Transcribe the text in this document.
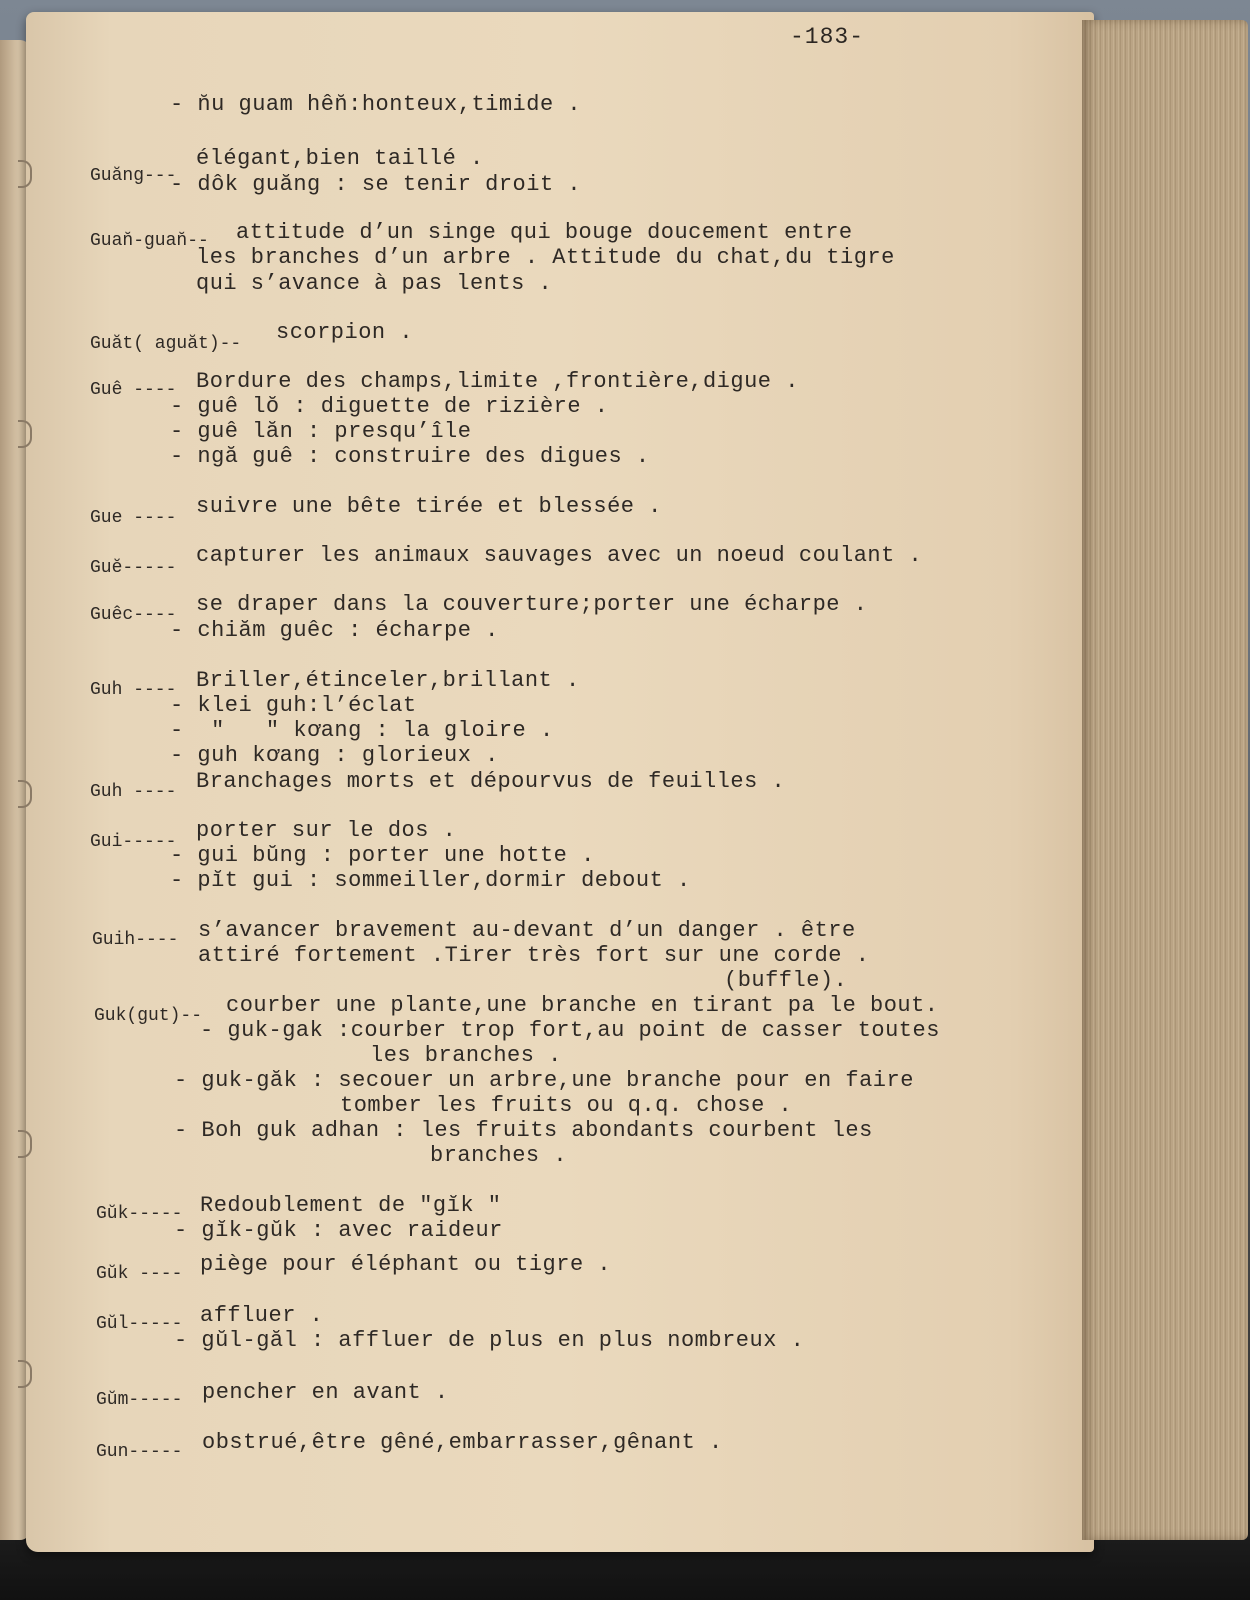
-183-
- n̆u guam hên̆:honteux,timide .
Guăng---
élégant,bien taillé .
- dôk guăng : se tenir droit .
Guan̆-guan̆-- attitude d’un singe qui bouge doucement entre
les branches d’un arbre . Attitude du chat,du tigre
qui s’avance à pas lents .
Guăt( aguăt)-- scorpion .
Guê ---- Bordure des champs,limite ,frontière,digue .
- guê lŏ : diguette de rizière .
- guê lăn : presqu’île
- ngă guê : construire des digues .
Gue ---- suivre une bête tirée et blessée .
Guĕ----- capturer les animaux sauvages avec un noeud coulant .
Guêc---- se draper dans la couverture;porter une écharpe .
- chiăm guêc : écharpe .
Guh ---- Briller,étinceler,brillant .
- klei guh:l’éclat
-  "   " kơang : la gloire .
- guh kơang : glorieux .
Guh ---- Branchages morts et dépourvus de feuilles .
Gui----- porter sur le dos .
- gui bŭng : porter une hotte .
- pĭt gui : sommeiller,dormir debout .
Guih---- s’avancer bravement au-devant d’un danger . être
attiré fortement .Tirer très fort sur une corde .
(buffle).
Guk(gut)-- courber une plante,une branche en tirant pa le bout.
- guk-gak :courber trop fort,au point de casser toutes
les branches .
- guk-găk : secouer un arbre,une branche pour en faire
tomber les fruits ou q.q. chose .
- Boh guk adhan : les fruits abondants courbent les
branches .
Gŭk----- Redoublement de "gĭk "
- gĭk-gŭk : avec raideur
Gŭk ---- piège pour éléphant ou tigre .
Gŭl----- affluer .
- gŭl-găl : affluer de plus en plus nombreux .
Gŭm----- pencher en avant .
Gun----- obstrué,être gêné,embarrasser,gênant .
